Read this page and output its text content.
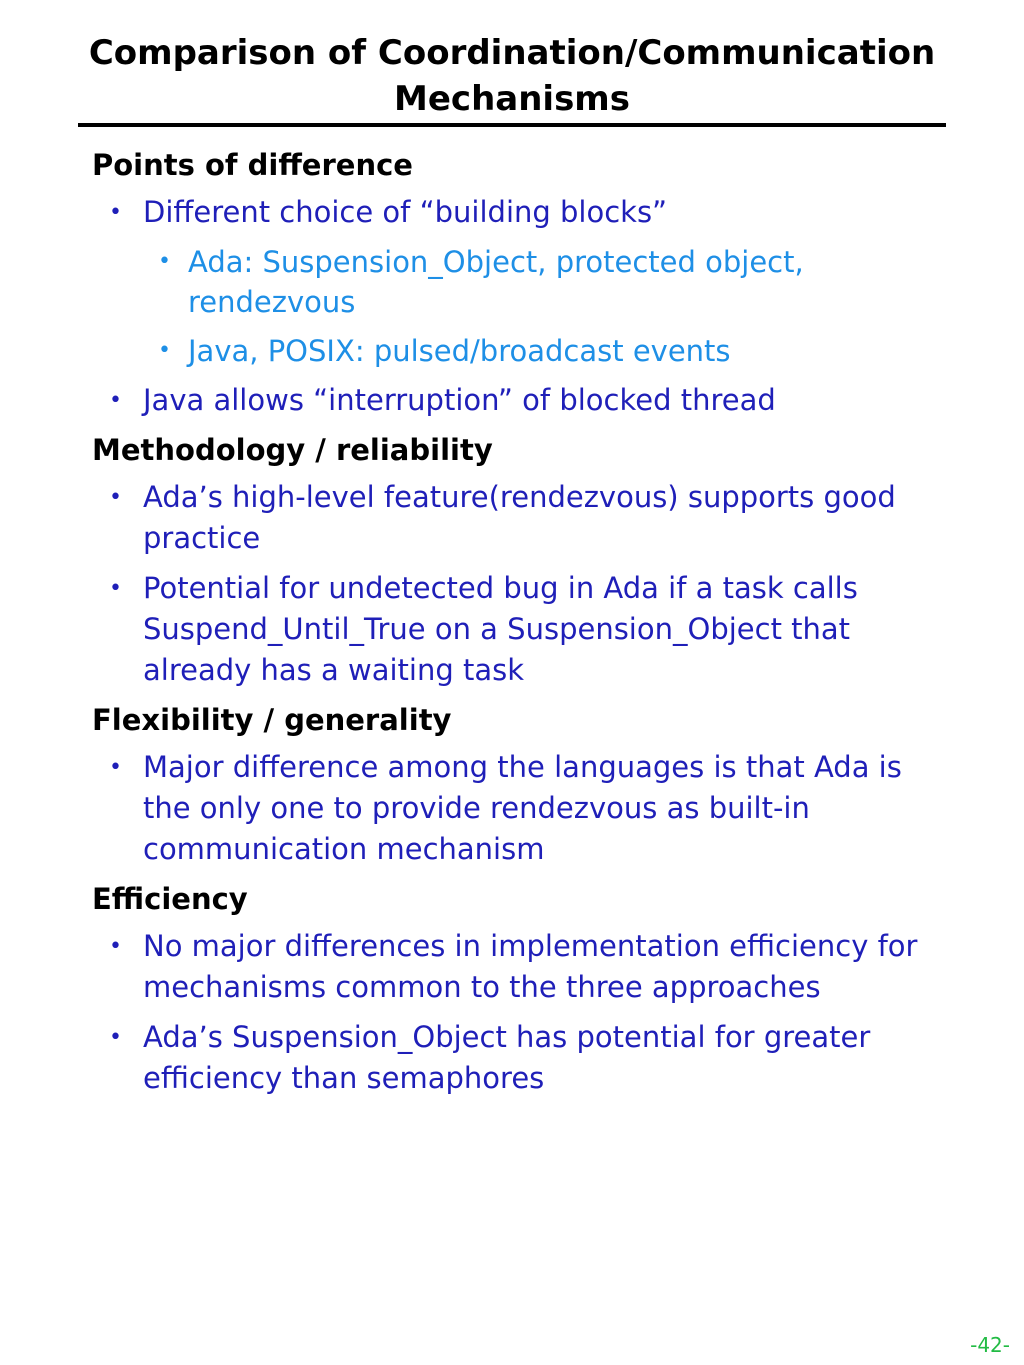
Comparison of Coordination/Communication
Mechanisms
Points of difference
• Different choice of “building blocks”
• Ada: Suspension_Object, protected object, rendezvous
• Java, POSIX: pulsed/broadcast events
• Java allows “interruption” of blocked thread
Methodology / reliability
• Ada’s high-level feature(rendezvous) supports good practice
• Potential for undetected bug in Ada if a task calls Suspend_Until_True on a Suspension_Object that already has a waiting task
Flexibility / generality
• Major difference among the languages is that Ada is the only one to provide rendezvous as built-in communication mechanism
Efficiency
• No major differences in implementation efficiency for mechanisms common to the three approaches
• Ada’s Suspension_Object has potential for greater efficiency than semaphores
-42-
